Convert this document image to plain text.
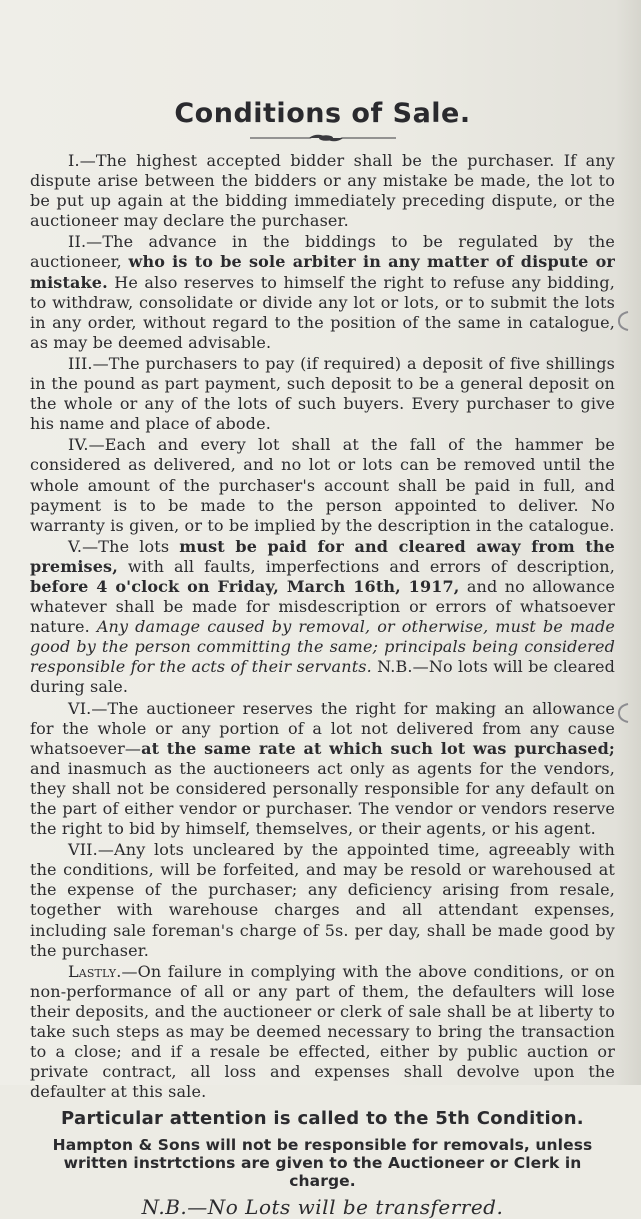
Conditions of Sale.

I.—The highest accepted bidder shall be the purchaser. If any dispute arise between the bidders or any mistake be made, the lot to be put up again at the bidding immediately preceding dispute, or the auctioneer may declare the purchaser.

II.—The advance in the biddings to be regulated by the auctioneer, who is to be sole arbiter in any matter of dispute or mistake. He also reserves to himself the right to refuse any bidding, to withdraw, consolidate or divide any lot or lots, or to submit the lots in any order, without regard to the position of the same in catalogue, as may be deemed advisable.

III.—The purchasers to pay (if required) a deposit of five shillings in the pound as part payment, such deposit to be a general deposit on the whole or any of the lots of such buyers. Every purchaser to give his name and place of abode.

IV.—Each and every lot shall at the fall of the hammer be considered as delivered, and no lot or lots can be removed until the whole amount of the purchaser's account shall be paid in full, and payment is to be made to the person appointed to deliver. No warranty is given, or to be implied by the description in the catalogue.

V.—The lots must be paid for and cleared away from the premises, with all faults, imperfections and errors of description, before 4 o'clock on Friday, March 16th, 1917, and no allowance whatever shall be made for misdescription or errors of whatsoever nature. Any damage caused by removal, or otherwise, must be made good by the person committing the same; principals being considered responsible for the acts of their servants. N.B.—No lots will be cleared during sale.

VI.—The auctioneer reserves the right for making an allowance for the whole or any portion of a lot not delivered from any cause whatsoever—at the same rate at which such lot was purchased; and inasmuch as the auctioneers act only as agents for the vendors, they shall not be considered personally responsible for any default on the part of either vendor or purchaser. The vendor or vendors reserve the right to bid by himself, themselves, or their agents, or his agent.

VII.—Any lots uncleared by the appointed time, agreeably with the conditions, will be forfeited, and may be resold or warehoused at the expense of the purchaser; any deficiency arising from resale, together with warehouse charges and all attendant expenses, including sale foreman's charge of 5s. per day, shall be made good by the purchaser.

Lastly.—On failure in complying with the above conditions, or on non-performance of all or any part of them, the defaulters will lose their deposits, and the auctioneer or clerk of sale shall be at liberty to take such steps as may be deemed necessary to bring the transaction to a close; and if a resale be effected, either by public auction or private contract, all loss and expenses shall devolve upon the defaulter at this sale.

Particular attention is called to the 5th Condition.

Hampton & Sons will not be responsible for removals, unless written instrtctions are given to the Auctioneer or Clerk in charge.

N.B.—No Lots will be transferred.
